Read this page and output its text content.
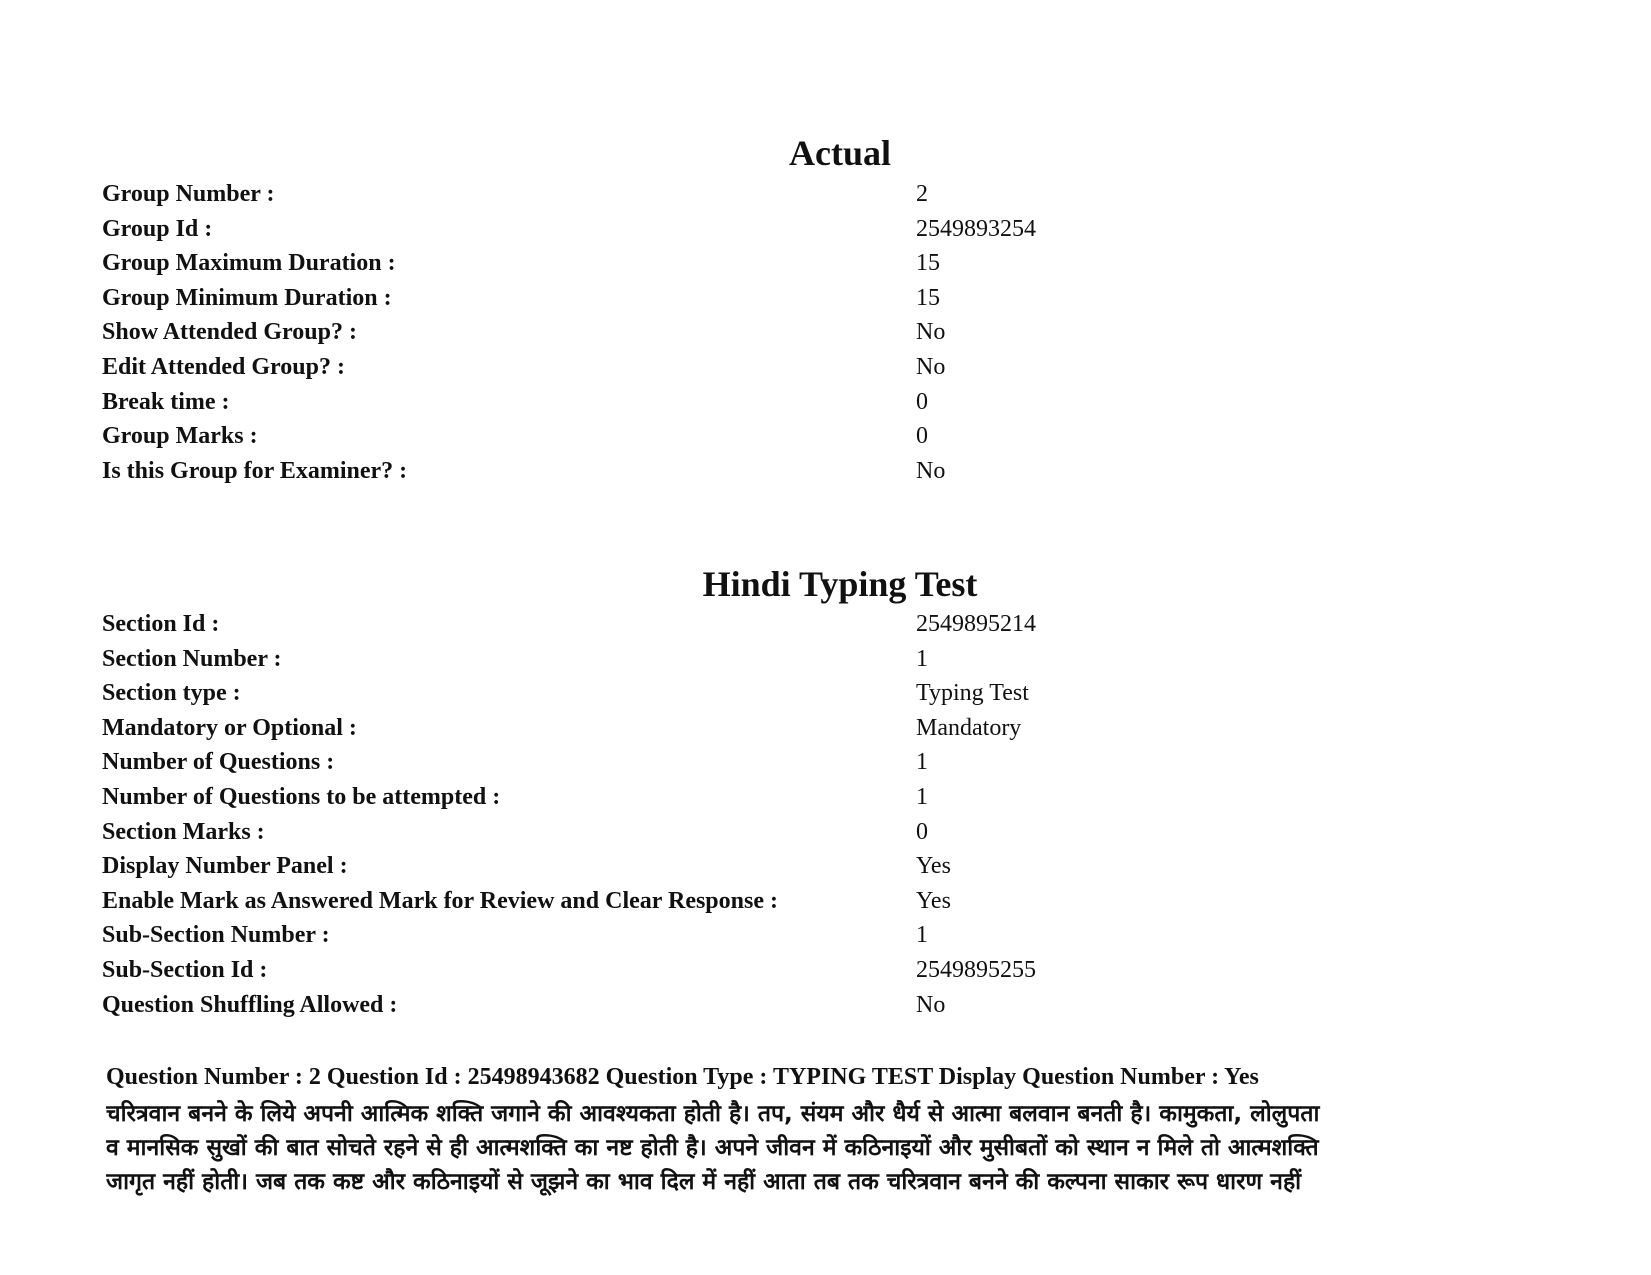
Actual
Group Number :	2
Group Id :	2549893254
Group Maximum Duration :	15
Group Minimum Duration :	15
Show Attended Group? :	No
Edit Attended Group? :	No
Break time :	0
Group Marks :	0
Is this Group for Examiner? :	No
Hindi Typing Test
Section Id :	2549895214
Section Number :	1
Section type :	Typing Test
Mandatory or Optional :	Mandatory
Number of Questions :	1
Number of Questions to be attempted :	1
Section Marks :	0
Display Number Panel :	Yes
Enable Mark as Answered Mark for Review and Clear Response :	Yes
Sub-Section Number :	1
Sub-Section Id :	2549895255
Question Shuffling Allowed :	No

Question Number : 2 Question Id : 25498943682 Question Type : TYPING TEST Display Question Number : Yes

चरित्रवान बनने के लिये अपनी आत्मिक शक्ति जगाने की आवश्यकता होती है। तप, संयम और धैर्य से आत्मा बलवान बनती है। कामुकता, लोलुपता
व मानसिक सुखों की बात सोचते रहने से ही आत्मशक्ति का नष्ट होती है। अपने जीवन में कठिनाइयों और मुसीबतों को स्थान न मिले तो आत्मशक्ति
जागृत नहीं होती। जब तक कष्ट और कठिनाइयों से जूझने का भाव दिल में नहीं आता तब तक चरित्रवान बनने की कल्पना साकार रूप धारण नहीं
